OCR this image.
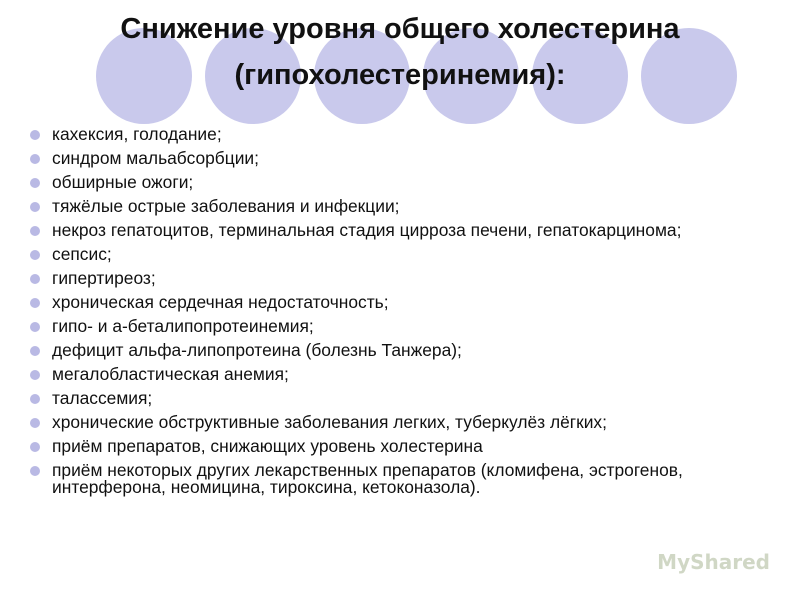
Снижение уровня общего холестерина
(гипохолестеринемия):
кахексия, голодание;
синдром мальабсорбции;
обширные ожоги;
тяжёлые острые заболевания и инфекции;
некроз гепатоцитов, терминальная стадия цирроза печени, гепатокарцинома;
сепсис;
гипертиреоз;
хроническая сердечная недостаточность;
гипо- и а-беталипопротеинемия;
дефицит альфа-липопротеина (болезнь Танжера);
мегалобластическая анемия;
талассемия;
хронические обструктивные заболевания легких, туберкулёз лёгких;
приём препаратов, снижающих уровень холестерина
приём некоторых других лекарственных препаратов (кломифена, эстрогенов, интерферона, неомицина, тироксина, кетоконазола).
MyShared
